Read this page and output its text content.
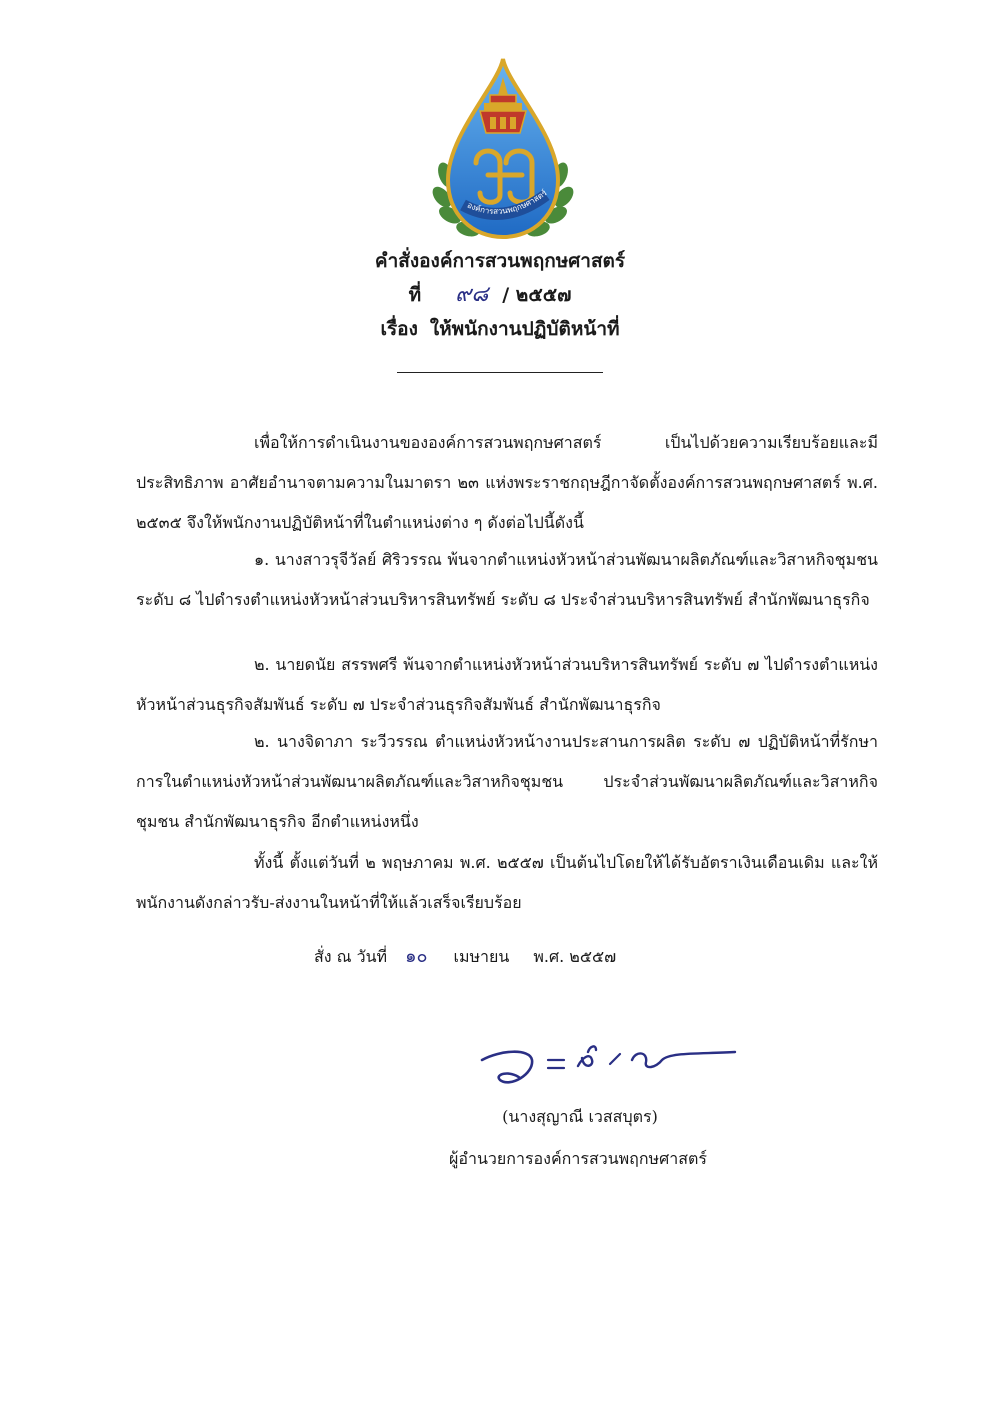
องค์การสวนพฤกษศาสตร์
คำสั่งองค์การสวนพฤกษศาสตร์
ที่ ๙๘ / ๒๕๕๗
เรื่อง ให้พนักงานปฏิบัติหน้าที่

เพื่อให้การดำเนินงานขององค์การสวนพฤกษศาสตร์ เป็นไปด้วยความเรียบร้อยและมีประสิทธิภาพ อาศัยอำนาจตามความในมาตรา ๒๓ แห่งพระราชกฤษฎีกาจัดตั้งองค์การสวนพฤกษศาสตร์ พ.ศ. ๒๕๓๕ จึงให้พนักงานปฏิบัติหน้าที่ในตำแหน่งต่าง ๆ ดังต่อไปนี้ดังนี้

๑. นางสาวรุจีวัลย์ ศิริวรรณ พ้นจากตำแหน่งหัวหน้าส่วนพัฒนาผลิตภัณฑ์และวิสาหกิจชุมชน ระดับ ๘ ไปดำรงตำแหน่งหัวหน้าส่วนบริหารสินทรัพย์ ระดับ ๘ ประจำส่วนบริหารสินทรัพย์ สำนักพัฒนาธุรกิจ

๒. นายดนัย สรรพศรี พ้นจากตำแหน่งหัวหน้าส่วนบริหารสินทรัพย์ ระดับ ๗ ไปดำรงตำแหน่งหัวหน้าส่วนธุรกิจสัมพันธ์ ระดับ ๗ ประจำส่วนธุรกิจสัมพันธ์ สำนักพัฒนาธุรกิจ

๒. นางจิดาภา ระวีวรรณ ตำแหน่งหัวหน้างานประสานการผลิต ระดับ ๗ ปฏิบัติหน้าที่รักษาการในตำแหน่งหัวหน้าส่วนพัฒนาผลิตภัณฑ์และวิสาหกิจชุมชน ประจำส่วนพัฒนาผลิตภัณฑ์และวิสาหกิจชุมชน สำนักพัฒนาธุรกิจ อีกตำแหน่งหนึ่ง

ทั้งนี้ ตั้งแต่วันที่ ๒ พฤษภาคม พ.ศ. ๒๕๕๗ เป็นต้นไปโดยให้ได้รับอัตราเงินเดือนเดิม และให้พนักงานดังกล่าวรับ-ส่งงานในหน้าที่ให้แล้วเสร็จเรียบร้อย

สั่ง ณ วันที่ ๑๐ เมษายน พ.ศ. ๒๕๕๗
(นางสุญาณี เวสสบุตร)
ผู้อำนวยการองค์การสวนพฤกษศาสตร์
